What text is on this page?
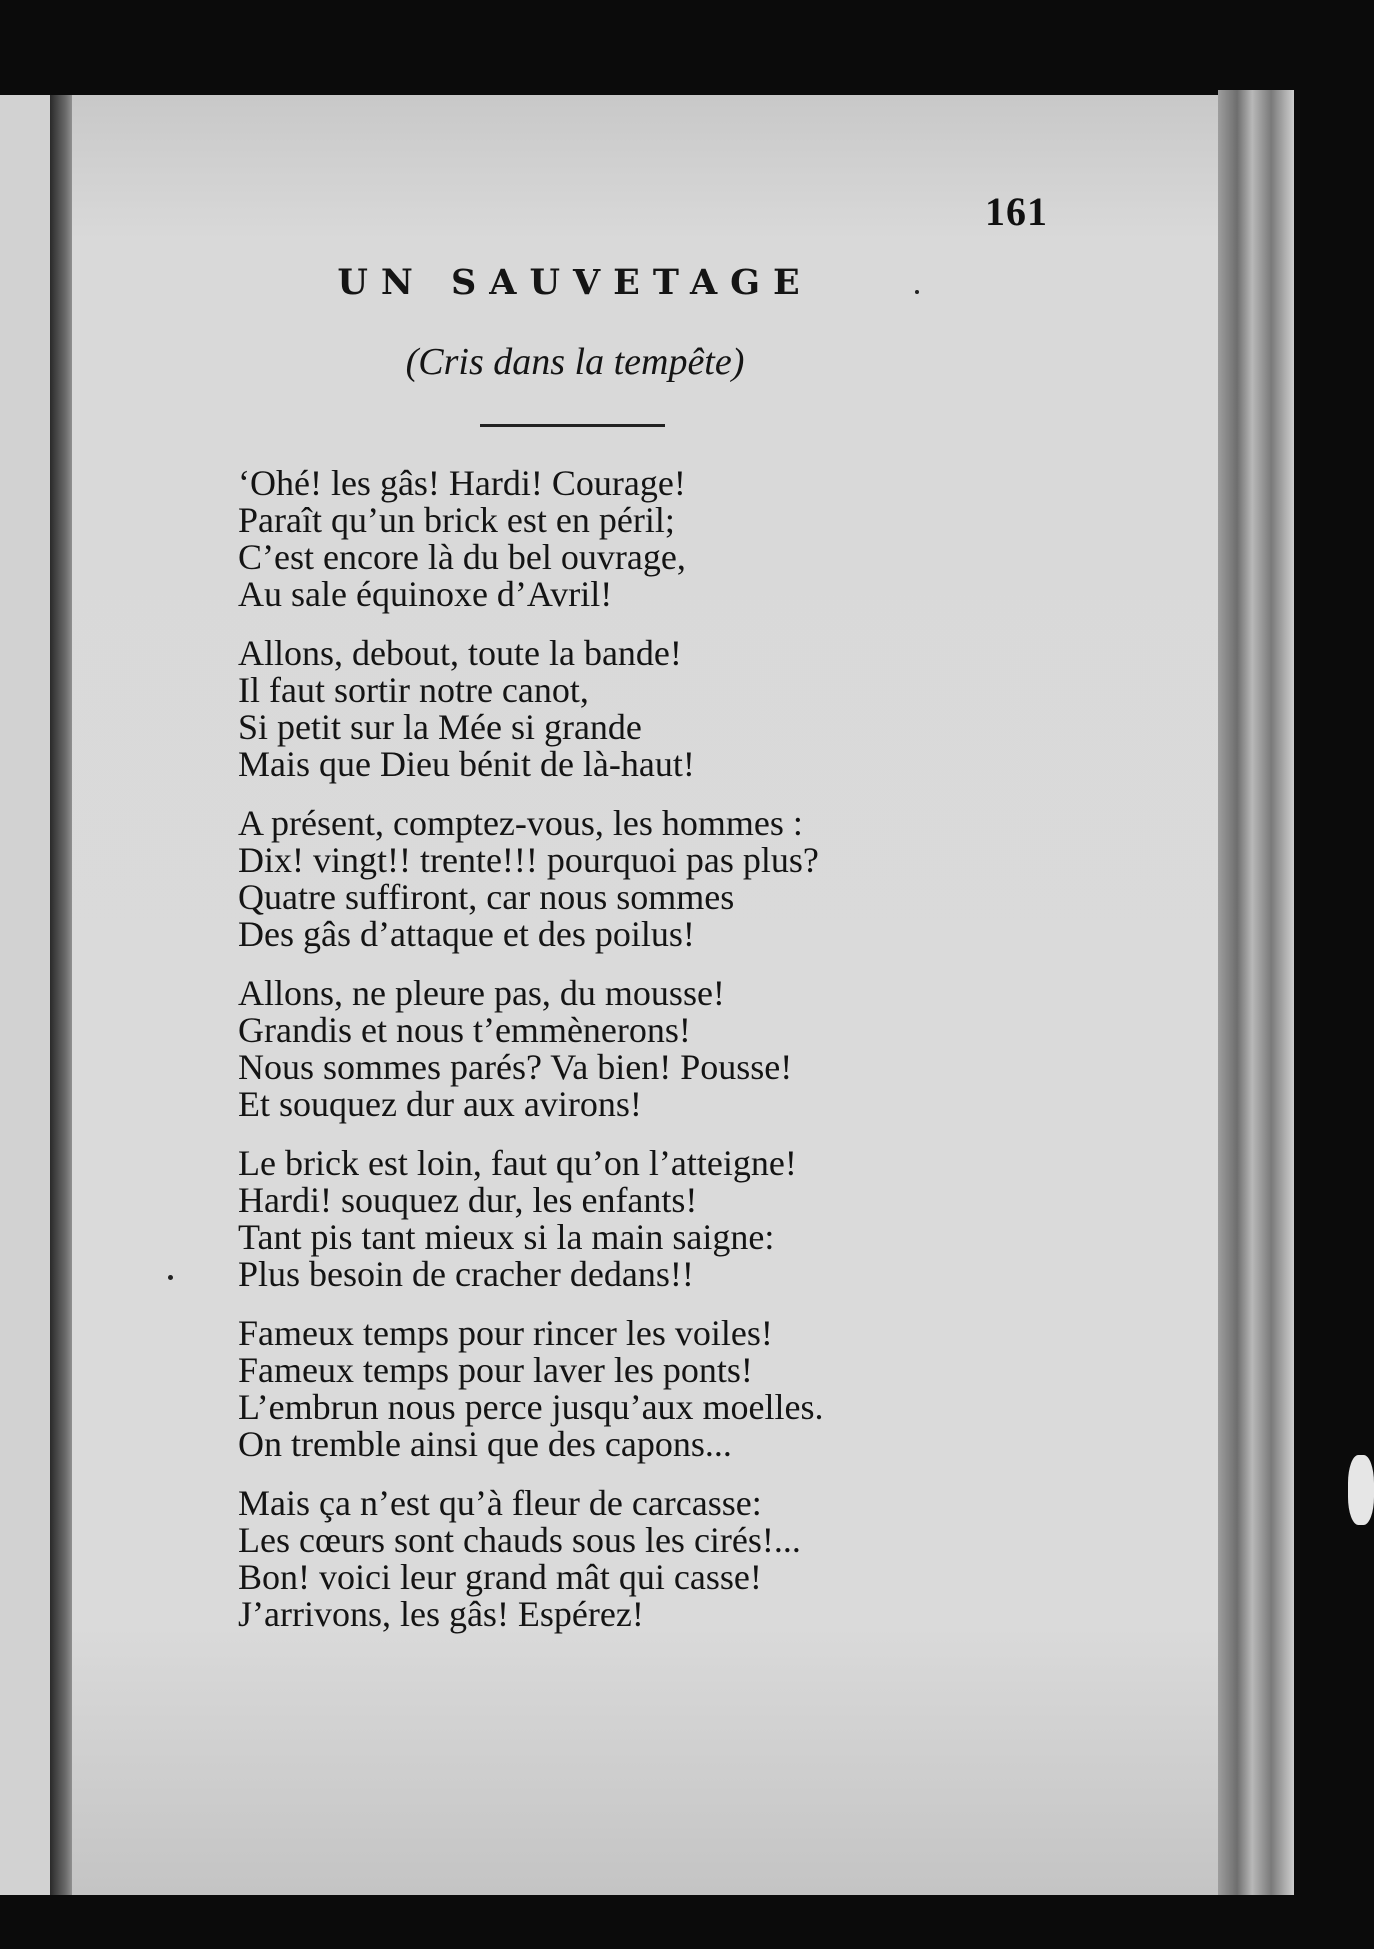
161
UN SAUVETAGE
(Cris dans la tempête)
‘Ohé! les gâs! Hardi! Courage!
Paraît qu’un brick est en péril;
C’est encore là du bel ouvrage,
Au sale équinoxe d’Avril!
Allons, debout, toute la bande!
Il faut sortir notre canot,
Si petit sur la Mée si grande
Mais que Dieu bénit de là-haut!
A présent, comptez-vous, les hommes :
Dix! vingt!! trente!!! pourquoi pas plus?
Quatre suffiront, car nous sommes
Des gâs d’attaque et des poilus!
Allons, ne pleure pas, du mousse!
Grandis et nous t’emmènerons!
Nous sommes parés? Va bien! Pousse!
Et souquez dur aux avirons!
Le brick est loin, faut qu’on l’atteigne!
Hardi! souquez dur, les enfants!
Tant pis tant mieux si la main saigne:
Plus besoin de cracher dedans!!
Fameux temps pour rincer les voiles!
Fameux temps pour laver les ponts!
L’embrun nous perce jusqu’aux moelles.
On tremble ainsi que des capons...
Mais ça n’est qu’à fleur de carcasse:
Les cœurs sont chauds sous les cirés!...
Bon! voici leur grand mât qui casse!
J’arrivons, les gâs! Espérez!
